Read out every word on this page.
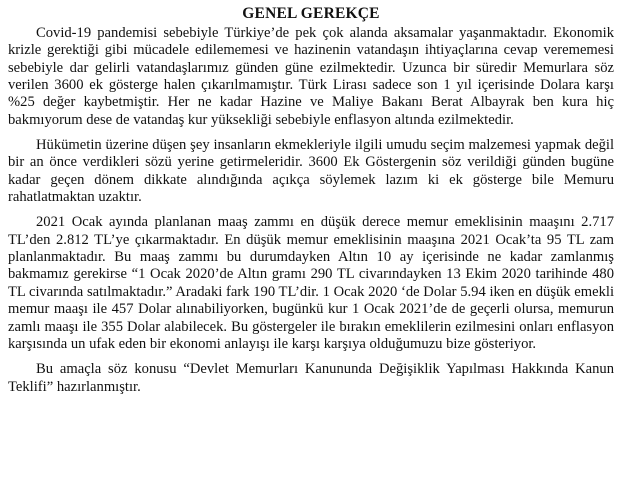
GENEL GEREKÇE

Covid-19 pandemisi sebebiyle Türkiye’de pek çok alanda aksamalar yaşanmaktadır. Ekonomik krizle gerektiği gibi mücadele edilememesi ve hazinenin vatandaşın ihtiyaçlarına cevap verememesi sebebiyle dar gelirli vatandaşlarımız günden güne ezilmektedir. Uzunca bir süredir Memurlara söz verilen 3600 ek gösterge halen çıkarılmamıştır. Türk Lirası sadece son 1 yıl içerisinde Dolara karşı %25 değer kaybetmiştir. Her ne kadar Hazine ve Maliye Bakanı Berat Albayrak ben kura hiç bakmıyorum dese de vatandaş kur yüksekliği sebebiyle enflasyon altında ezilmektedir.

Hükümetin üzerine düşen şey insanların ekmekleriyle ilgili umudu seçim malzemesi yapmak değil bir an önce verdikleri sözü yerine getirmeleridir. 3600 Ek Göstergenin söz verildiği günden bugüne kadar geçen dönem dikkate alındığında açıkça söylemek lazım ki ek gösterge bile Memuru rahatlatmaktan uzaktır.

2021 Ocak ayında planlanan maaş zammı en düşük derece memur emeklisinin maaşını 2.717 TL’den 2.812 TL’ye çıkarmaktadır. En düşük memur emeklisinin maaşına 2021 Ocak’ta 95 TL zam planlanmaktadır. Bu maaş zammı bu durumdayken Altın 10 ay içerisinde ne kadar zamlanmış bakmamız gerekirse “1 Ocak 2020’de Altın gramı 290 TL civarındayken 13 Ekim 2020 tarihinde 480 TL civarında satılmaktadır.” Aradaki fark 190 TL’dir. 1 Ocak 2020 ‘de Dolar 5.94 iken en düşük emekli memur maaşı ile 457 Dolar alınabiliyorken, bugünkü kur 1 Ocak 2021’de de geçerli olursa, memurun zamlı maaşı ile 355 Dolar alabilecek. Bu göstergeler ile bırakın emeklilerin ezilmesini onları enflasyon karşısında un ufak eden bir ekonomi anlayışı ile karşı karşıya olduğumuzu bize gösteriyor.

Bu amaçla söz konusu “Devlet Memurları Kanununda Değişiklik Yapılması Hakkında Kanun Teklifi” hazırlanmıştır.
